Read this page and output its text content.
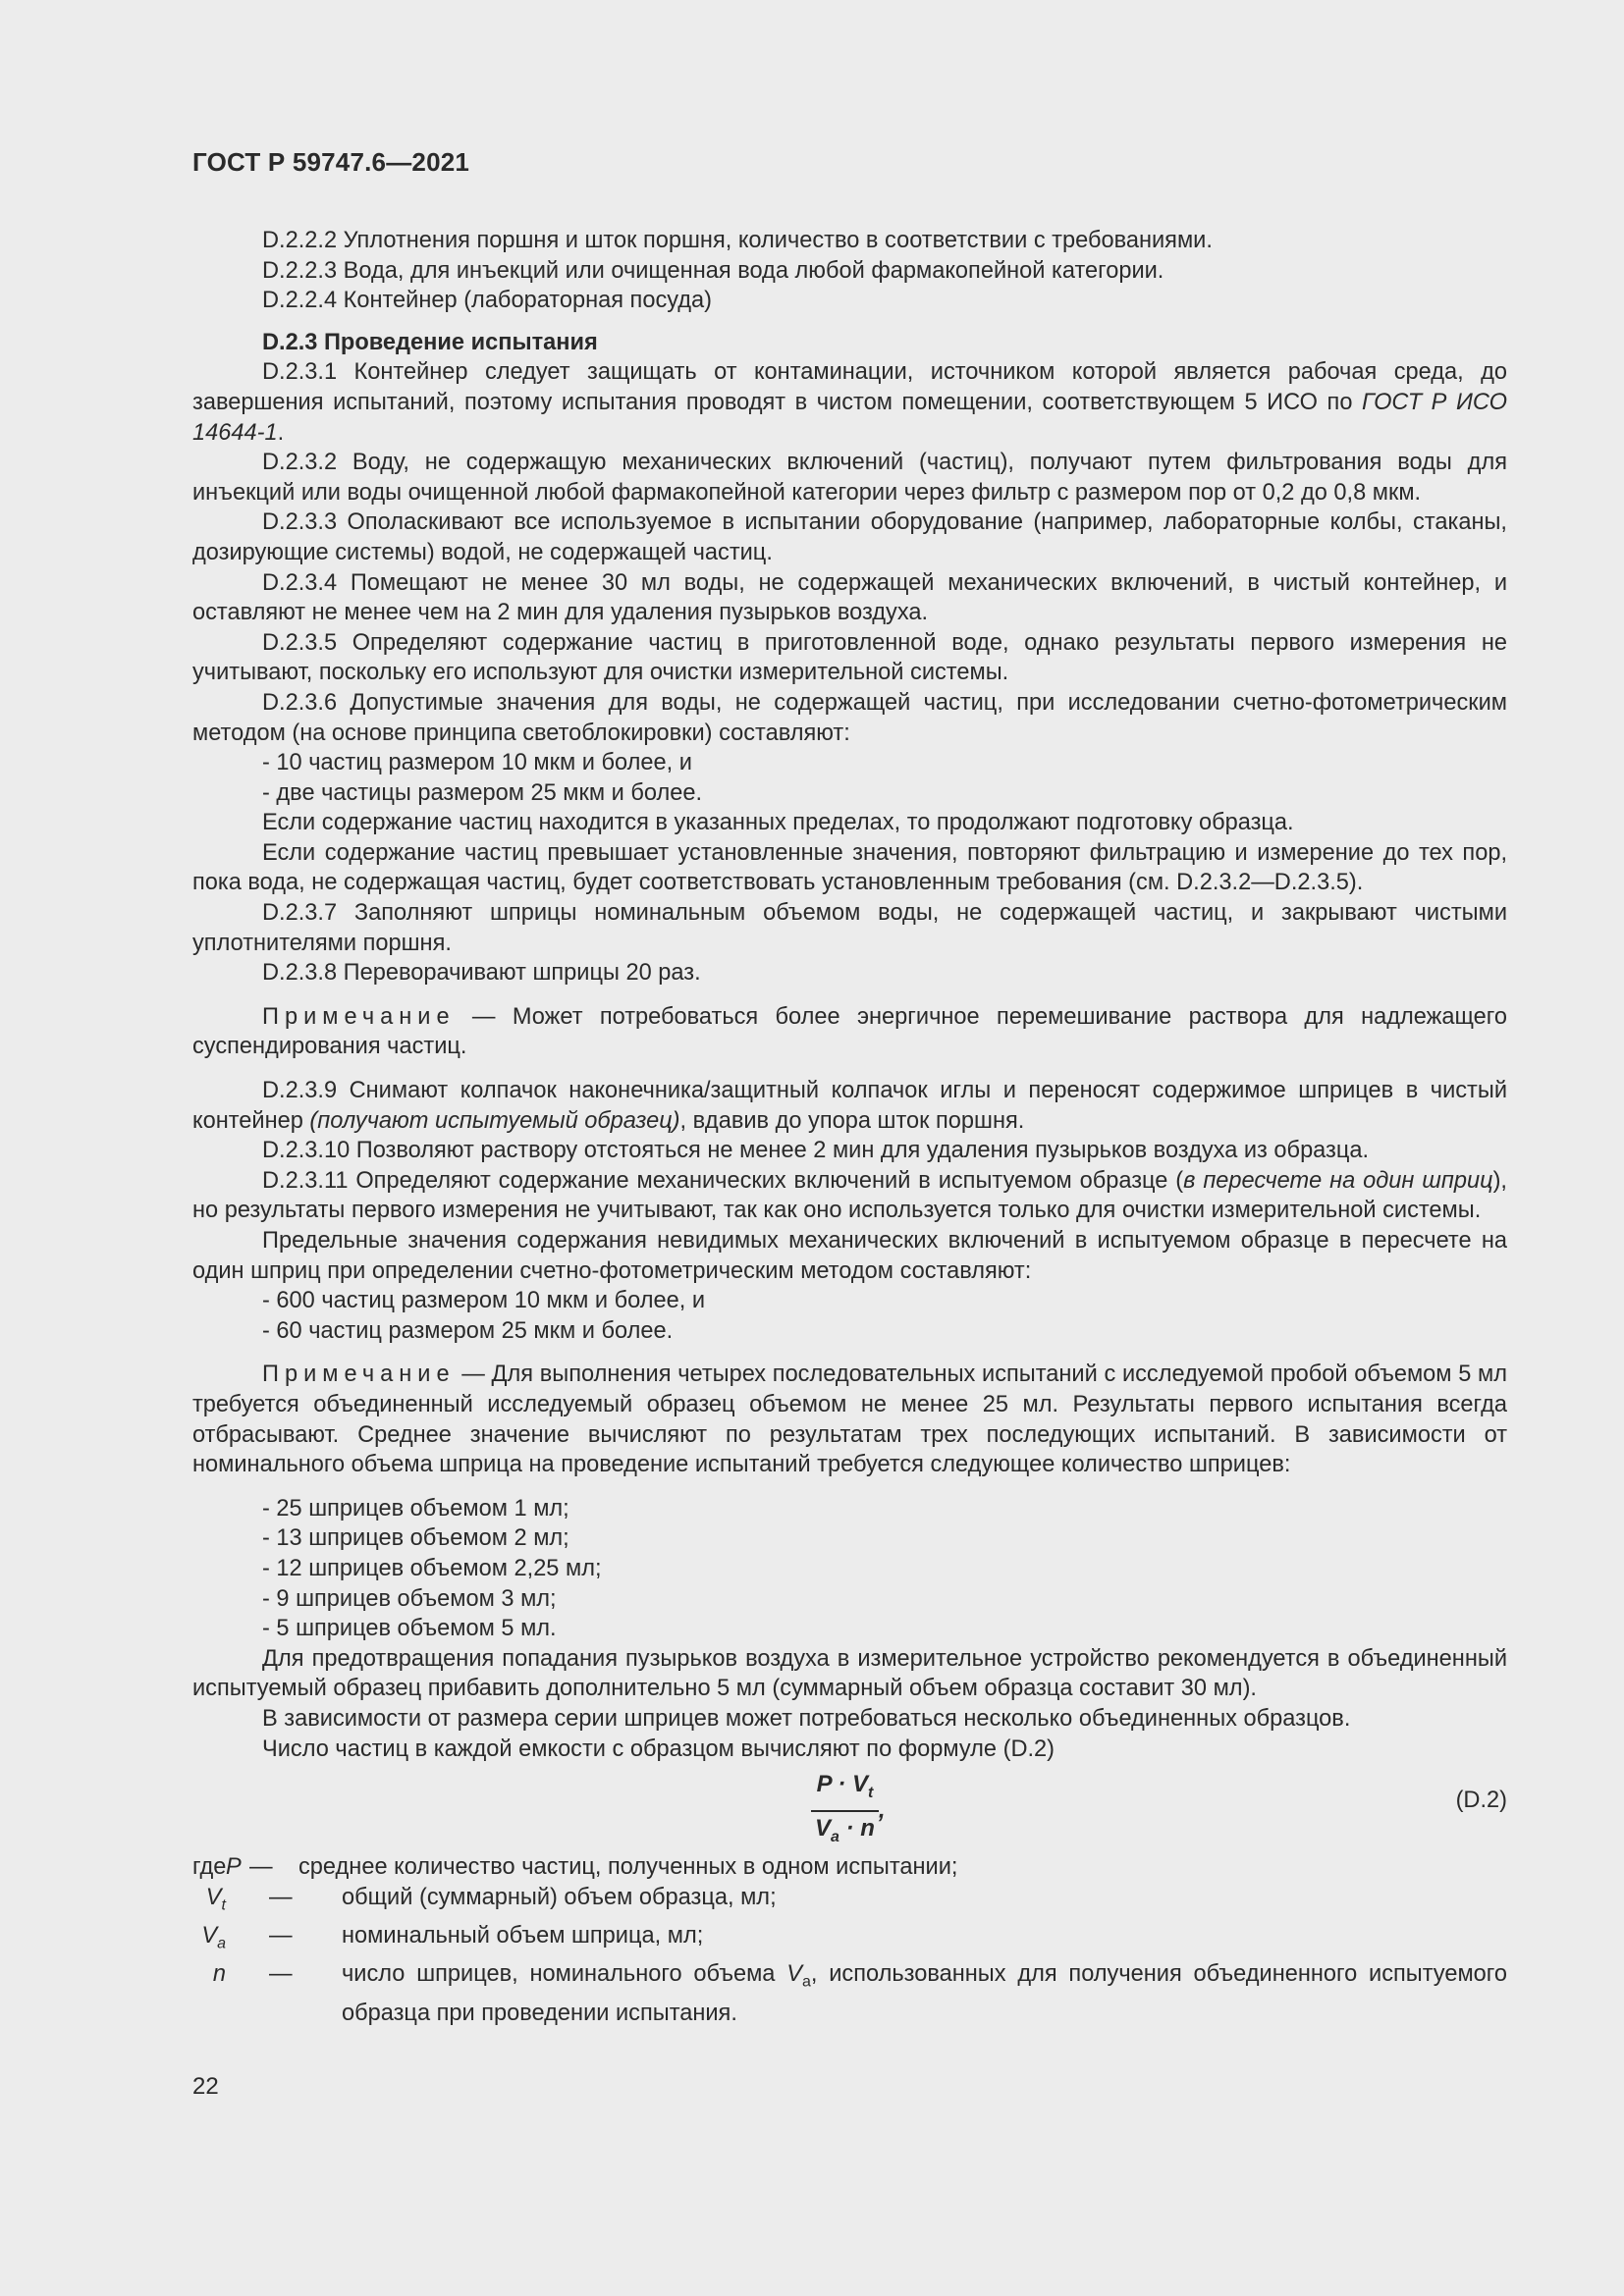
ГОСТ Р 59747.6—2021

D.2.2.2 Уплотнения поршня и шток поршня, количество в соответствии с требованиями.

D.2.2.3 Вода, для инъекций или очищенная вода любой фармакопейной категории.

D.2.2.4 Контейнер (лабораторная посуда)

D.2.3 Проведение испытания

D.2.3.1 Контейнер следует защищать от контаминации, источником которой является рабочая среда, до завершения испытаний, поэтому испытания проводят в чистом помещении, соответствующем 5 ИСО по ГОСТ Р ИСО 14644-1.

D.2.3.2 Воду, не содержащую механических включений (частиц), получают путем фильтрования воды для инъекций или воды очищенной любой фармакопейной категории через фильтр с размером пор от 0,2 до 0,8 мкм.

D.2.3.3 Ополаскивают все используемое в испытании оборудование (например, лабораторные колбы, стаканы, дозирующие системы) водой, не содержащей частиц.

D.2.3.4 Помещают не менее 30 мл воды, не содержащей механических включений, в чистый контейнер, и оставляют не менее чем на 2 мин для удаления пузырьков воздуха.

D.2.3.5 Определяют содержание частиц в приготовленной воде, однако результаты первого измерения не учитывают, поскольку его используют для очистки измерительной системы.

D.2.3.6 Допустимые значения для воды, не содержащей частиц, при исследовании счетно-фотометрическим методом (на основе принципа светоблокировки) составляют:

- 10 частиц размером 10 мкм и более, и

- две частицы размером 25 мкм и более.

Если содержание частиц находится в указанных пределах, то продолжают подготовку образца.

Если содержание частиц превышает установленные значения, повторяют фильтрацию и измерение до тех пор, пока вода, не содержащая частиц, будет соответствовать установленным требования (см. D.2.3.2—D.2.3.5).

D.2.3.7 Заполняют шприцы номинальным объемом воды, не содержащей частиц, и закрывают чистыми уплотнителями поршня.

D.2.3.8 Переворачивают шприцы 20 раз.

Примечание — Может потребоваться более энергичное перемешивание раствора для надлежащего суспендирования частиц.

D.2.3.9 Снимают колпачок наконечника/защитный колпачок иглы и переносят содержимое шприцев в чистый контейнер (получают испытуемый образец), вдавив до упора шток поршня.

D.2.3.10 Позволяют раствору отстояться не менее 2 мин для удаления пузырьков воздуха из образца.

D.2.3.11 Определяют содержание механических включений в испытуемом образце (в пересчете на один шприц), но результаты первого измерения не учитывают, так как оно используется только для очистки измерительной системы.

Предельные значения содержания невидимых механических включений в испытуемом образце в пересчете на один шприц при определении счетно-фотометрическим методом составляют:

- 600 частиц размером 10 мкм и более, и

- 60 частиц размером 25 мкм и более.

Примечание — Для выполнения четырех последовательных испытаний с исследуемой пробой объемом 5 мл требуется объединенный исследуемый образец объемом не менее 25 мл. Результаты первого испытания всегда отбрасывают. Среднее значение вычисляют по результатам трех последующих испытаний. В зависимости от номинального объема шприца на проведение испытаний требуется следующее количество шприцев:

- 25 шприцев объемом 1 мл;

- 13 шприцев объемом 2 мл;

- 12 шприцев объемом 2,25 мл;

- 9 шприцев объемом 3 мл;

- 5 шприцев объемом 5 мл.

Для предотвращения попадания пузырьков воздуха в измерительное устройство рекомендуется в объединенный испытуемый образец прибавить дополнительно 5 мл (суммарный объем образца составит 30 мл).

В зависимости от размера серии шприцев может потребоваться несколько объединенных образцов.

Число частиц в каждой емкости с образцом вычисляют по формуле (D.2)

$\frac{P \cdot V_t}{V_a \cdot n}$ ,	(D.2)
где P —	среднее количество частиц, полученных в одном испытании;
$V_t$	—	общий (суммарный) объем образца, мл;
$V_a$	—	номинальный объем шприца, мл;
n	—	число шприцев, номинального объема $V_a$, использованных для получения объединенного испытуемого образца при проведении испытания.
22
